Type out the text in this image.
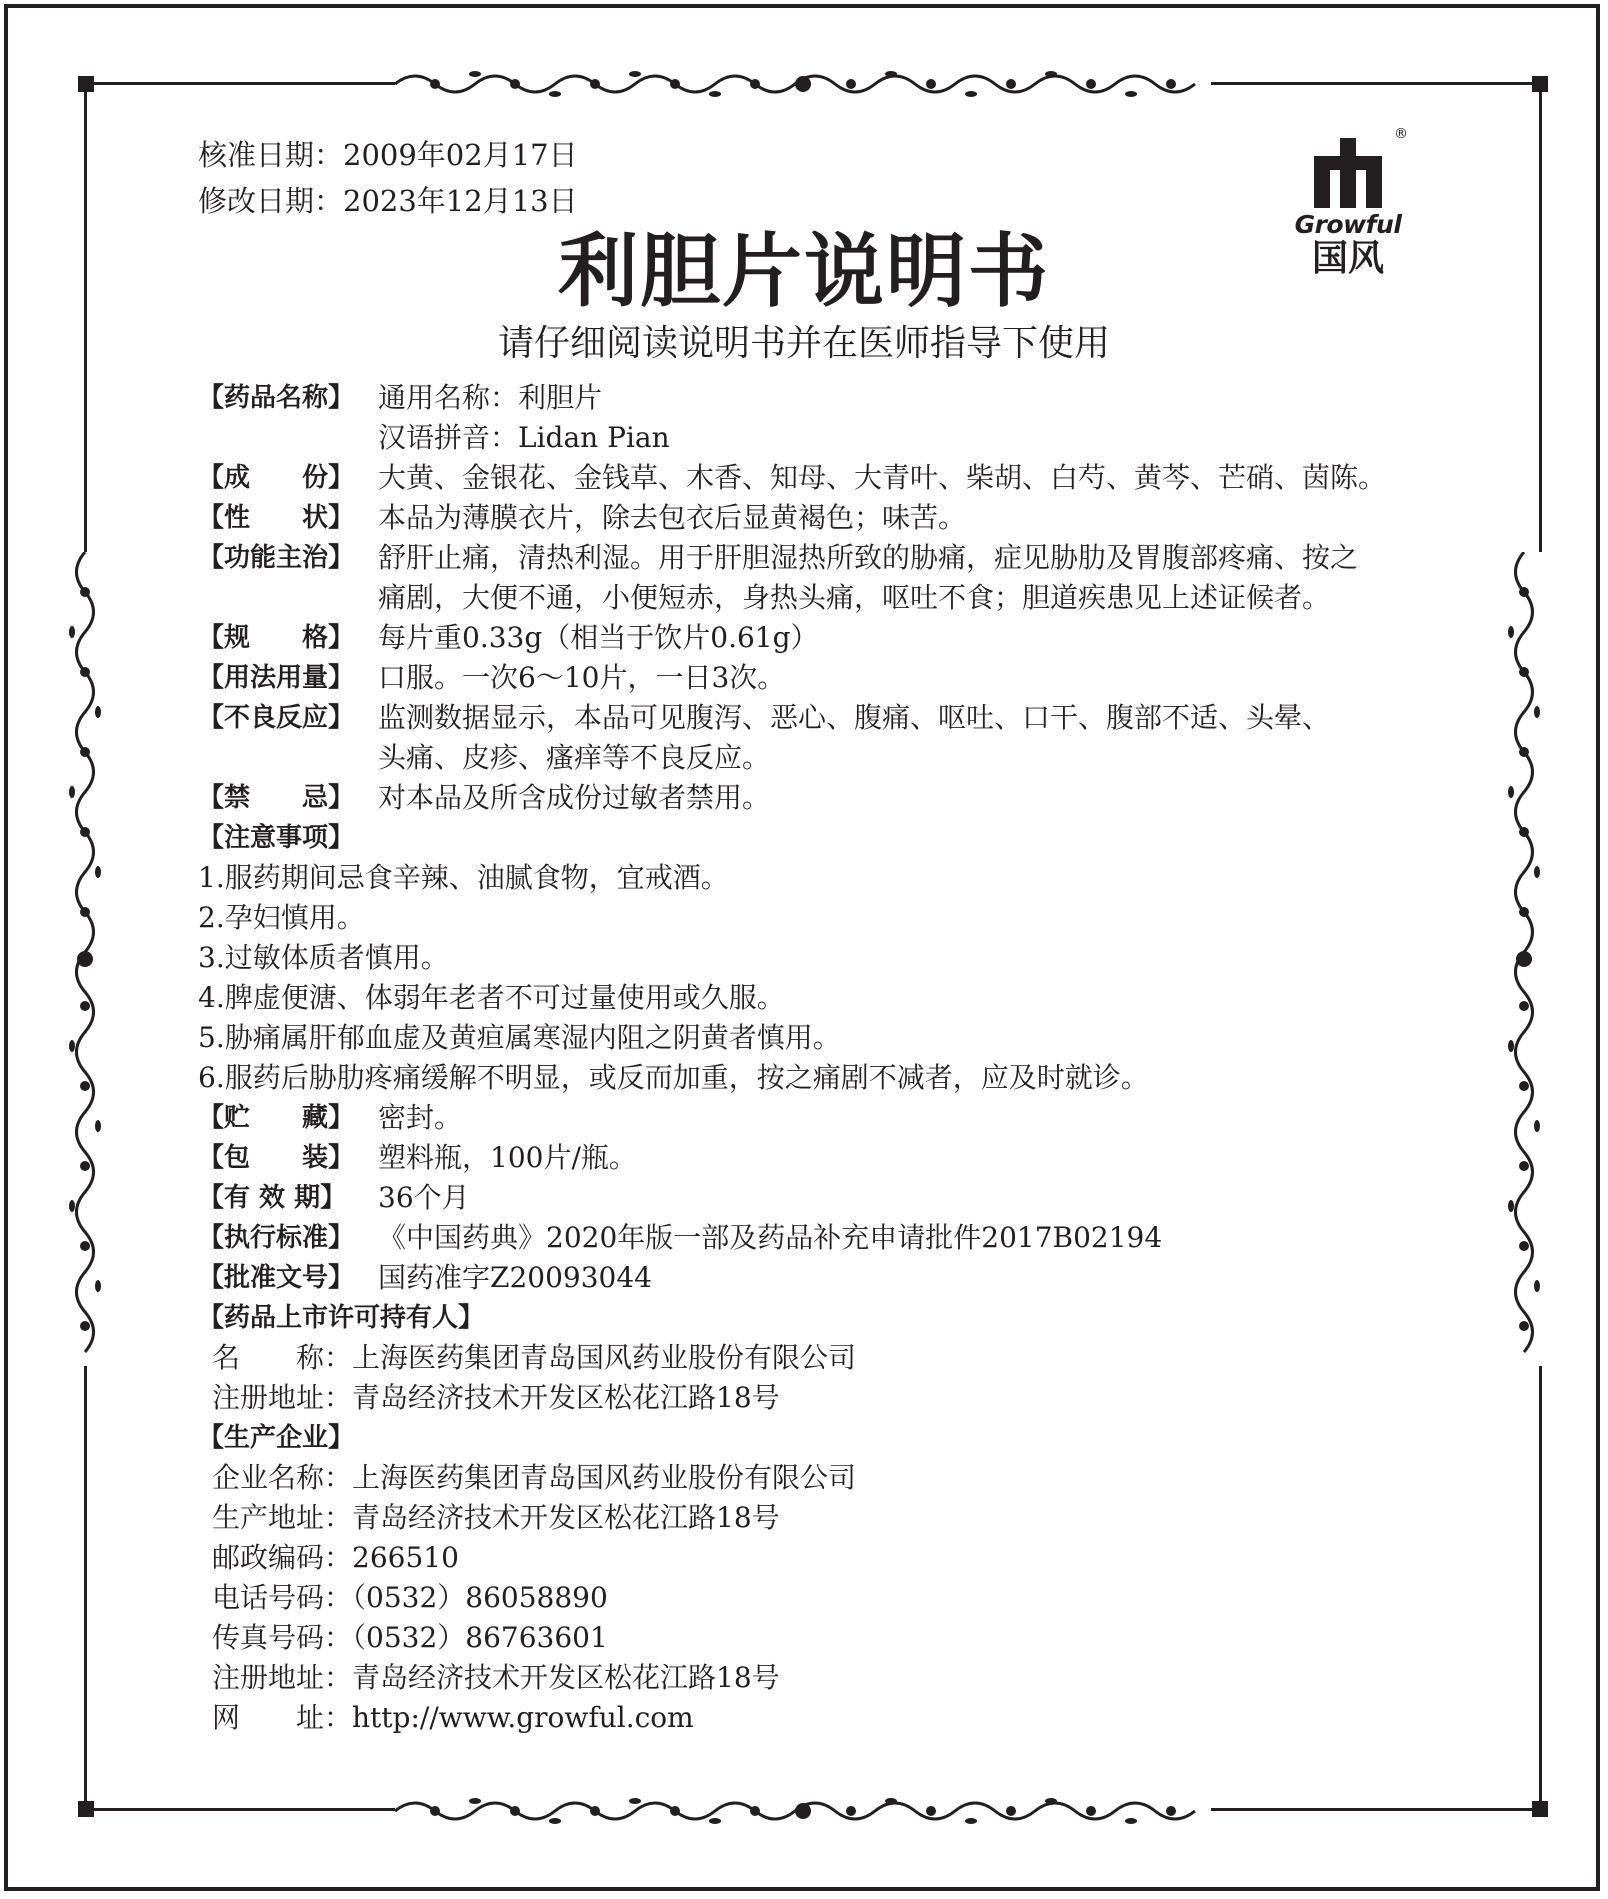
核准日期：2009年02月17日
修改日期：2023年12月13日
®
Growful
国风
利胆片说明书
请仔细阅读说明书并在医师指导下使用
【药品名称】 通用名称：利胆片
汉语拼音：Lidan Pian
【成　　份】 大黄、金银花、金钱草、木香、知母、大青叶、柴胡、白芍、黄芩、芒硝、茵陈。
【性　　状】 本品为薄膜衣片，除去包衣后显黄褐色；味苦。
【功能主治】 舒肝止痛，清热利湿。用于肝胆湿热所致的胁痛，症见胁肋及胃腹部疼痛、按之
痛剧，大便不通，小便短赤，身热头痛，呕吐不食；胆道疾患见上述证候者。
【规　　格】 每片重0.33g（相当于饮片0.61g）
【用法用量】 口服。一次6～10片，一日3次。
【不良反应】 监测数据显示，本品可见腹泻、恶心、腹痛、呕吐、口干、腹部不适、头晕、
头痛、皮疹、瘙痒等不良反应。
【禁　　忌】 对本品及所含成份过敏者禁用。
【注意事项】
1.服药期间忌食辛辣、油腻食物，宜戒酒。
2.孕妇慎用。
3.过敏体质者慎用。
4.脾虚便溏、体弱年老者不可过量使用或久服。
5.胁痛属肝郁血虚及黄疸属寒湿内阻之阴黄者慎用。
6.服药后胁肋疼痛缓解不明显，或反而加重，按之痛剧不减者，应及时就诊。
【贮　　藏】 密封。
【包　　装】 塑料瓶，100片/瓶。
【有 效 期】	36个月
【执行标准】 《中国药典》2020年版一部及药品补充申请批件2017B02194
【批准文号】 国药准字Z20093044
【药品上市许可持有人】
名　　称：上海医药集团青岛国风药业股份有限公司
注册地址：青岛经济技术开发区松花江路18号
【生产企业】
企业名称：上海医药集团青岛国风药业股份有限公司
生产地址：青岛经济技术开发区松花江路18号
邮政编码：266510
电话号码：（0532）86058890
传真号码：（0532）86763601
注册地址：青岛经济技术开发区松花江路18号
网　　址：http://www.growful.com
